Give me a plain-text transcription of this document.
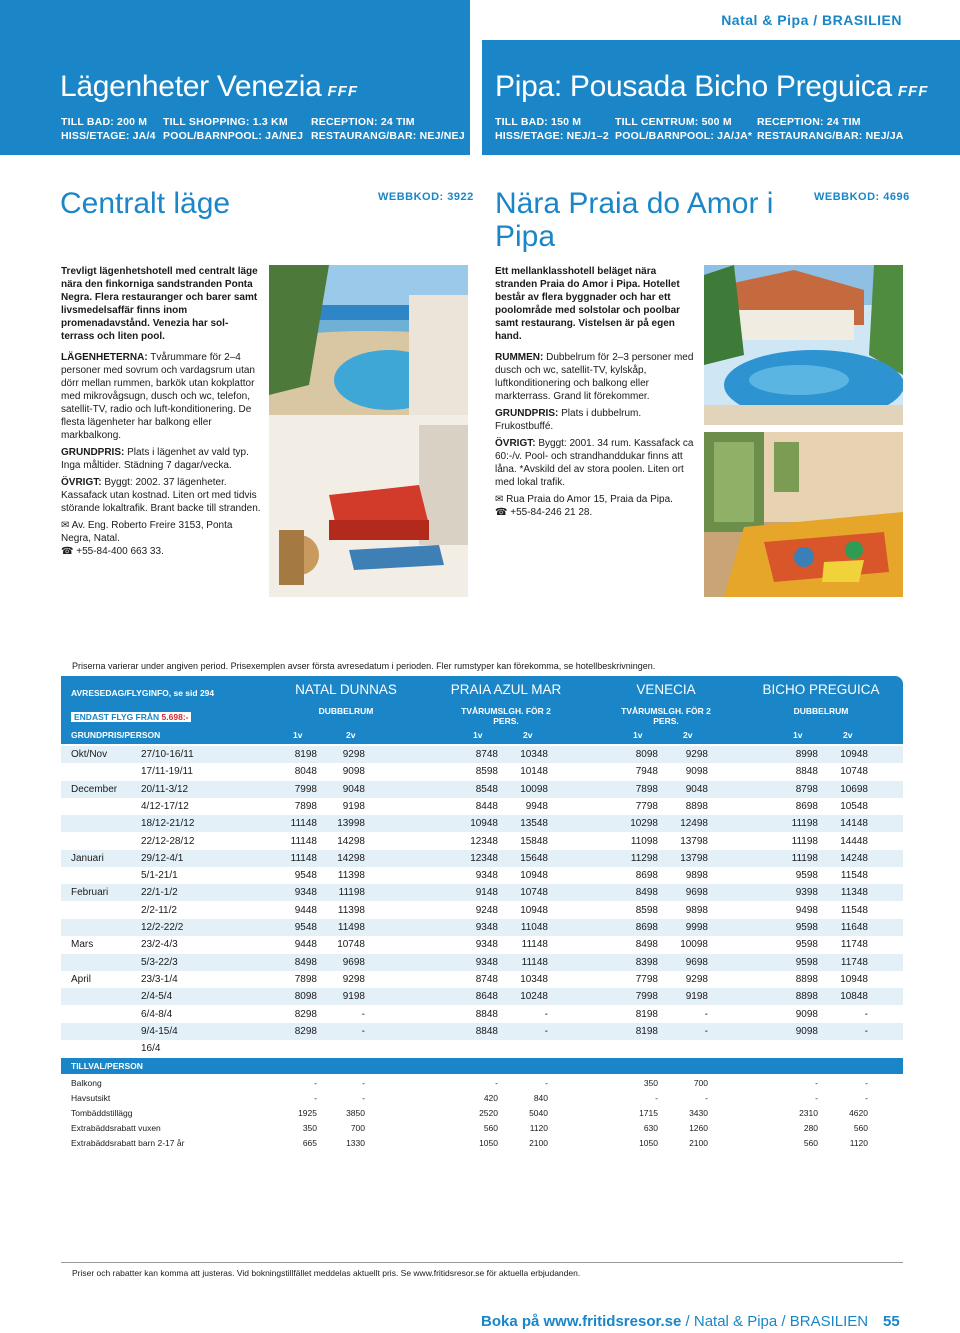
Natal & Pipa / BRASILIEN
Lägenheter Venezia FFF
TILL BAD: 200 M TILL SHOPPING: 1.3 KM RECEPTION: 24 TIM
HISS/ETAGE: JA/4 POOL/BARNPOOL: JA/NEJ RESTAURANG/BAR: NEJ/NEJ
Pipa: Pousada Bicho Preguica FFF
TILL BAD: 150 M	TILL CENTRUM: 500 M RECEPTION: 24 TIM
HISS/ETAGE: NEJ/1–2 POOL/BARNPOOL: JA/JA* RESTAURANG/BAR: NEJ/JA
Centralt läge	WEBBKOD: 3922
Trevligt lägenhetshotell med centralt läge nära den finkorniga sandstranden Ponta Negra. Flera restauranger och barer samt livsmedelsaffär finns inom promenadavstånd. Venezia har sol-terrass och liten pool.
LÄGENHETERNA: Tvårummare för 2–4 personer med sovrum och vardagsrum utan dörr mellan rummen, barkök utan kokplattor med mikrovågsugn, dusch och wc, telefon, satellit-TV, radio och luft-konditionering. De flesta lägenheter har balkong eller markbalkong.
GRUNDPRIS: Plats i lägenhet av vald typ. Inga måltider. Städning 7 dagar/vecka.
ÖVRIGT: Byggt: 2002. 37 lägenheter. Kassafack utan kostnad. Liten ort med tidvis störande lokaltrafik. Brant backe till stranden.
✉ Av. Eng. Roberto Freire 3153, Ponta Negra, Natal.
☎ +55-84-400 663 33.
Nära Praia do Amor i Pipa
WEBBKOD: 4696
Ett mellanklasshotell beläget nära stranden Praia do Amor i Pipa. Hotellet består av flera byggnader och har ett poolområde med solstolar och poolbar samt restaurang. Vistelsen är på egen hand.
RUMMEN: Dubbelrum för 2–3 personer med dusch och wc, satellit-TV, kylskåp, luftkonditionering och balkong eller markterrass. Grand lit förekommer.
GRUNDPRIS: Plats i dubbelrum. Frukostbuffé.
ÖVRIGT: Byggt: 2001. 34 rum. Kassafack ca 60:-/v. Pool- och strandhanddukar finns att låna. *Avskild del av stora poolen. Liten ort med lokal trafik.
✉ Rua Praia do Amor 15, Praia da Pipa.
☎ +55-84-246 21 28.
Priserna varierar under angiven period. Prisexemplen avser första avresedatum i perioden. Fler rumstyper kan förekomma, se hotellbeskrivningen.
AVRESEDAG/FLYGINFO, se sid 294
ENDAST FLYG FRÅN 5.698:-
NATAL DUNNAS	PRAIA AZUL MAR	VENECIA	BICHO PREGUICA
DUBBELRUM	TVÅRUMSLGH. FÖR 2 PERS.
TVÅRUMSLGH. FÖR 2 PERS.
DUBBELRUM
GRUNDPRIS/PERSON	1v	2v	1v	2v	1v	2v	1v	2v
Okt/Nov	27/10-16/11	8198	9298	8748	10348	8098	9298	8998	10948
17/11-19/11	8048	9098	8598	10148	7948	9098	8848	10748
December 20/11-3/12	7998	9048	8548	10098	7898	9048	8798	10698
4/12-17/12	7898	9198	8448	9948	7798	8898	8698	10548
18/12-21/12	11148	13998	10948	13548	10298	12498	11198	14148
22/12-28/12	11148	14298	12348	15848	11098	13798	11198	14448
Januari	29/12-4/1	11148	14298	12348	15648	11298	13798	11198	14248
5/1-21/1	9548	11398	9348	10948	8698	9898	9598	11548
Februari	22/1-1/2	9348	11198	9148	10748	8498	9698	9398	11348
2/2-11/2	9448	11398	9248	10948	8598	9898	9498	11548
12/2-22/2	9548	11498	9348	11048	8698	9998	9598	11648
Mars	23/2-4/3	9448	10748	9348	11148	8498	10098	9598	11748
5/3-22/3	8498	9698	9348	11148	8398	9698	9598	11748
April	23/3-1/4	7898	9298	8748	10348	7798	9298	8898	10948
2/4-5/4	8098	9198	8648	10248	7998	9198	8898	10848
6/4-8/4	8298	-	8848	-	8198	-	9098	-
9/4-15/4	8298	-	8848	-	8198	-	9098	-
16/4
TILLVAL/PERSON
Balkong	-	-	-	-	350	700	-	-
Havsutsikt	-	-	420	840	-	-	-	-
Tombäddstillägg	1925	3850	2520	5040	1715	3430	2310	4620
Extrabäddsrabatt vuxen	350	700	560	1120	630	1260	280	560
Extrabäddsrabatt barn 2-17 år	665	1330	1050	2100	1050	2100	560	1120
Priser och rabatter kan komma att justeras. Vid bokningstillfället meddelas aktuellt pris. Se www.fritidsresor.se för aktuella erbjudanden.
Boka på www.fritidsresor.se / Natal & Pipa / BRASILIEN 55
